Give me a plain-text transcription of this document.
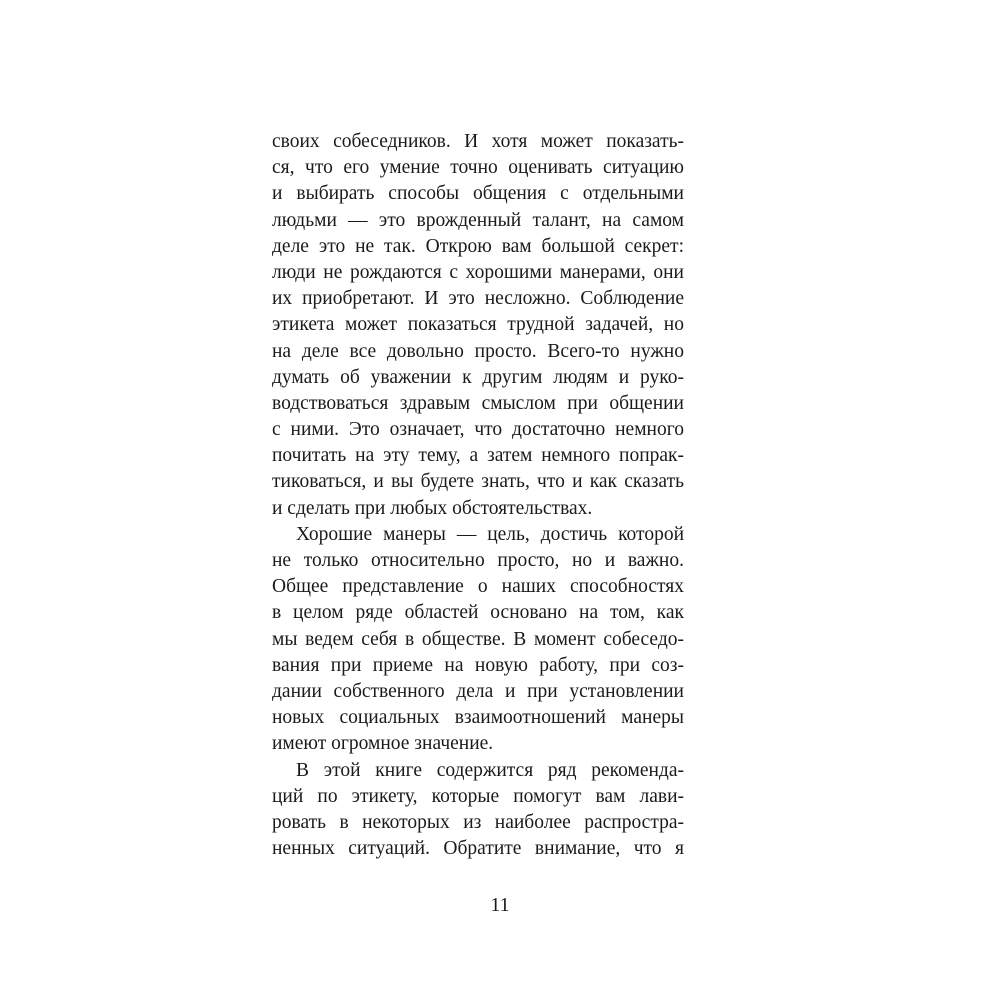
своих собеседников. И хотя может показать-
ся, что его умение точно оценивать ситуацию
и выбирать способы общения с отдельными
людьми — это врожденный талант, на самом
деле это не так. Открою вам большой секрет:
люди не рождаются с хорошими манерами, они
их приобретают. И это несложно. Соблюдение
этикета может показаться трудной задачей, но
на деле все довольно просто. Всего-то нужно
думать об уважении к другим людям и руко-
водствоваться здравым смыслом при общении
с ними. Это означает, что достаточно немного
почитать на эту тему, а затем немного попрак-
тиковаться, и вы будете знать, что и как сказать
и сделать при любых обстоятельствах.
Хорошие манеры — цель, достичь которой
не только относительно просто, но и важно.
Общее представление о наших способностях
в целом ряде областей основано на том, как
мы ведем себя в обществе. В момент собеседо-
вания при приеме на новую работу, при соз-
дании собственного дела и при установлении
новых социальных взаимоотношений манеры
имеют огромное значение.
В этой книге содержится ряд рекоменда-
ций по этикету, которые помогут вам лави-
ровать в некоторых из наиболее распростра-
ненных ситуаций. Обратите внимание, что я
11
